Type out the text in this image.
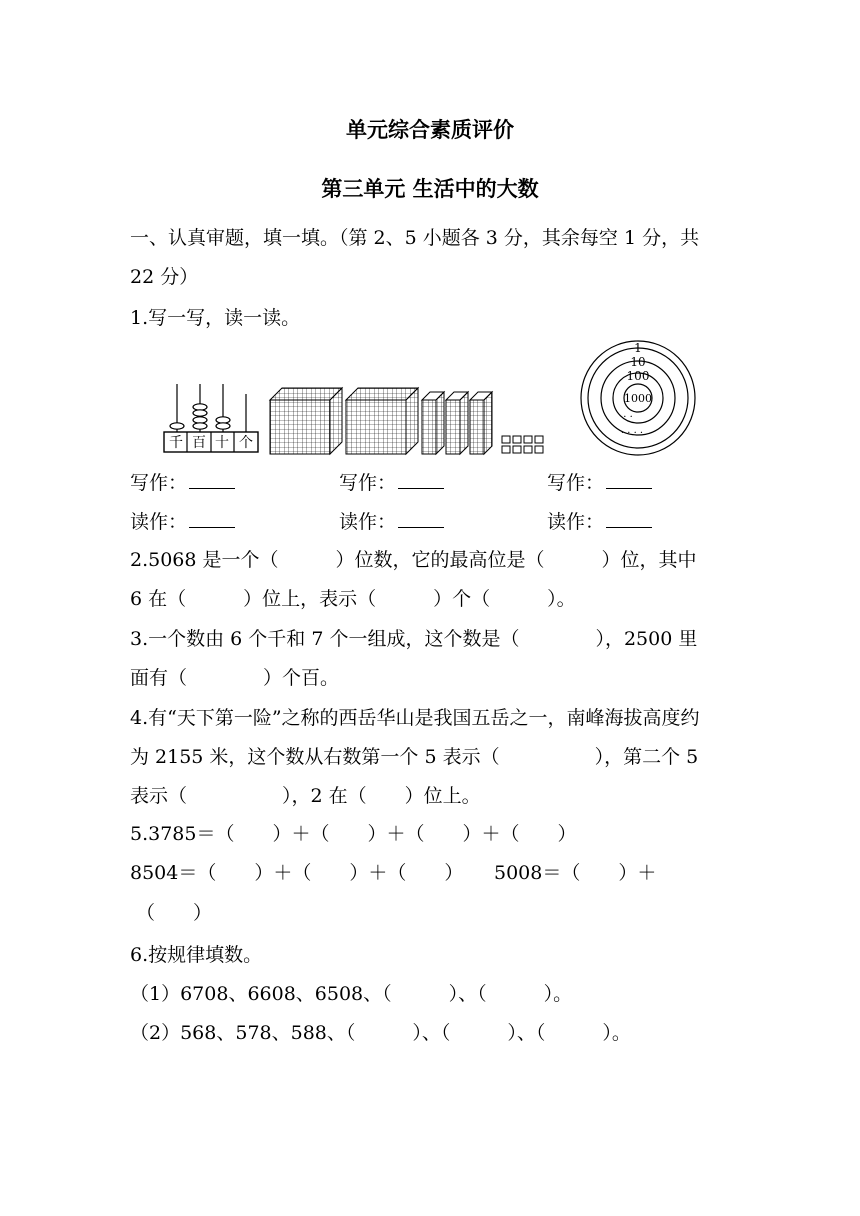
单元综合素质评价
第三单元 生活中的大数
一、认真审题，填一填。（第 2、5 小题各 3 分，其余每空 1 分，共
22 分）
1.写一写，读一读。
千 百 十 个
1
10
100
1000
· ·
· · · ·
写作：	写作：	写作：
读作：	读作：	读作：
2.5068 是一个（　　　）位数，它的最高位是（　　　）位，其中
6 在（　　　）位上，表示（　　　）个（　　　）。
3.一个数由 6 个千和 7 个一组成，这个数是（　　　　），2500 里
面有（　　　　）个百。
4.有“天下第一险”之称的西岳华山是我国五岳之一，南峰海拔高度约
为 2155 米，这个数从右数第一个 5 表示（　　　　　），第二个 5
表示（　　　　　），2 在（　　）位上。
5.3785＝（　　）＋（　　）＋（　　）＋（　　）
8504＝（　　）＋（　　）＋（　　） 5008＝（　　）＋
（　　）
6.按规律填数。
（1）6708、6608、6508、（　　　）、（　　　）。
（2）568、578、588、（　　　）、（　　　）、（　　　）。
